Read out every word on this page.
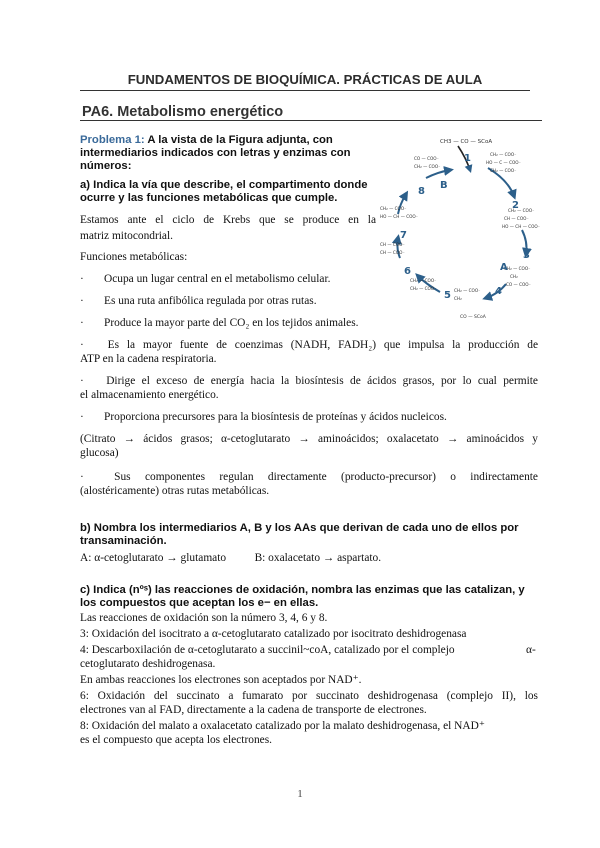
FUNDAMENTOS DE BIOQUÍMICA. PRÁCTICAS DE AULA
PA6. Metabolismo energético
Problema 1: A la vista de la Figura adjunta, con
intermediarios indicados con letras y enzimas con
números:
a) Indica la vía que describe, el compartimento donde
ocurre y las funciones metabólicas que cumple.
Estamos ante el ciclo de Krebs que se produce en la
matriz mitocondrial.
Funciones metabólicas:
· Ocupa un lugar central en el metabolismo celular.
· Es una ruta anfibólica regulada por otras rutas.
· Produce la mayor parte del CO₂ en los tejidos animales.
· Es la mayor fuente de coenzimas (NADH, FADH₂) que impulsa la producción de
ATP en la cadena respiratoria.
· Dirige el exceso de energía hacia la biosíntesis de ácidos grasos, por lo cual permite
el almacenamiento energético.
· Proporciona precursores para la biosíntesis de proteínas y ácidos nucleicos.
(Citrato → ácidos grasos; α-cetoglutarato → aminoácidos; oxalacetato → aminoácidos y
glucosa)
·	Sus componentes regulan directamente (producto-precursor) o indirectamente
(alostéricamente) otras rutas metabólicas.
b) Nombra los intermediarios A, B y los AAs que derivan de cada uno de ellos por
transaminación.
A: α-cetoglutarato → glutamato          B: oxalacetato → aspartato.
c) Indica (nºˢ) las reacciones de oxidación, nombra las enzimas que las catalizan, y
los compuestos que aceptan los e− en ellas.
Las reacciones de oxidación son la número 3, 4, 6 y 8.
3: Oxidación del isocitrato a α-cetoglutarato catalizado por isocitrato deshidrogenasa
4: Descarboxilación de α-cetoglutarato a succinil~coA, catalizado por el complejo	α-
cetoglutarato deshidrogenasa.
En ambas reacciones los electrones son aceptados por NAD⁺.
6: Oxidación del succinato a fumarato por succinato deshidrogenasa (complejo II), los
electrones van al FAD, directamente a la cadena de transporte de electrones.
8: Oxidación del malato a oxalacetato catalizado por la malato deshidrogenasa, el NAD⁺
es el compuesto que acepta los electrones.
1
CH3 — CO — SCoA
CO — COO⁻
CH₂ — COO⁻
CH₂ — COO⁻
HO — C — COO⁻
CH₂ — COO⁻
CH₂ — COO⁻
CH — COO⁻
HO — CH — COO⁻
CH₂ — COO⁻
CH₂
CO — COO⁻
CH₂ — COO⁻
CH₂
CH₂ — COO⁻
CH₂ — COO⁻
CH — COO⁻
CH — COO⁻
CH₂ — COO⁻
HO — CH — COO⁻
CO — SCoA
1
2
3
4
5
6
7
8
A
B
